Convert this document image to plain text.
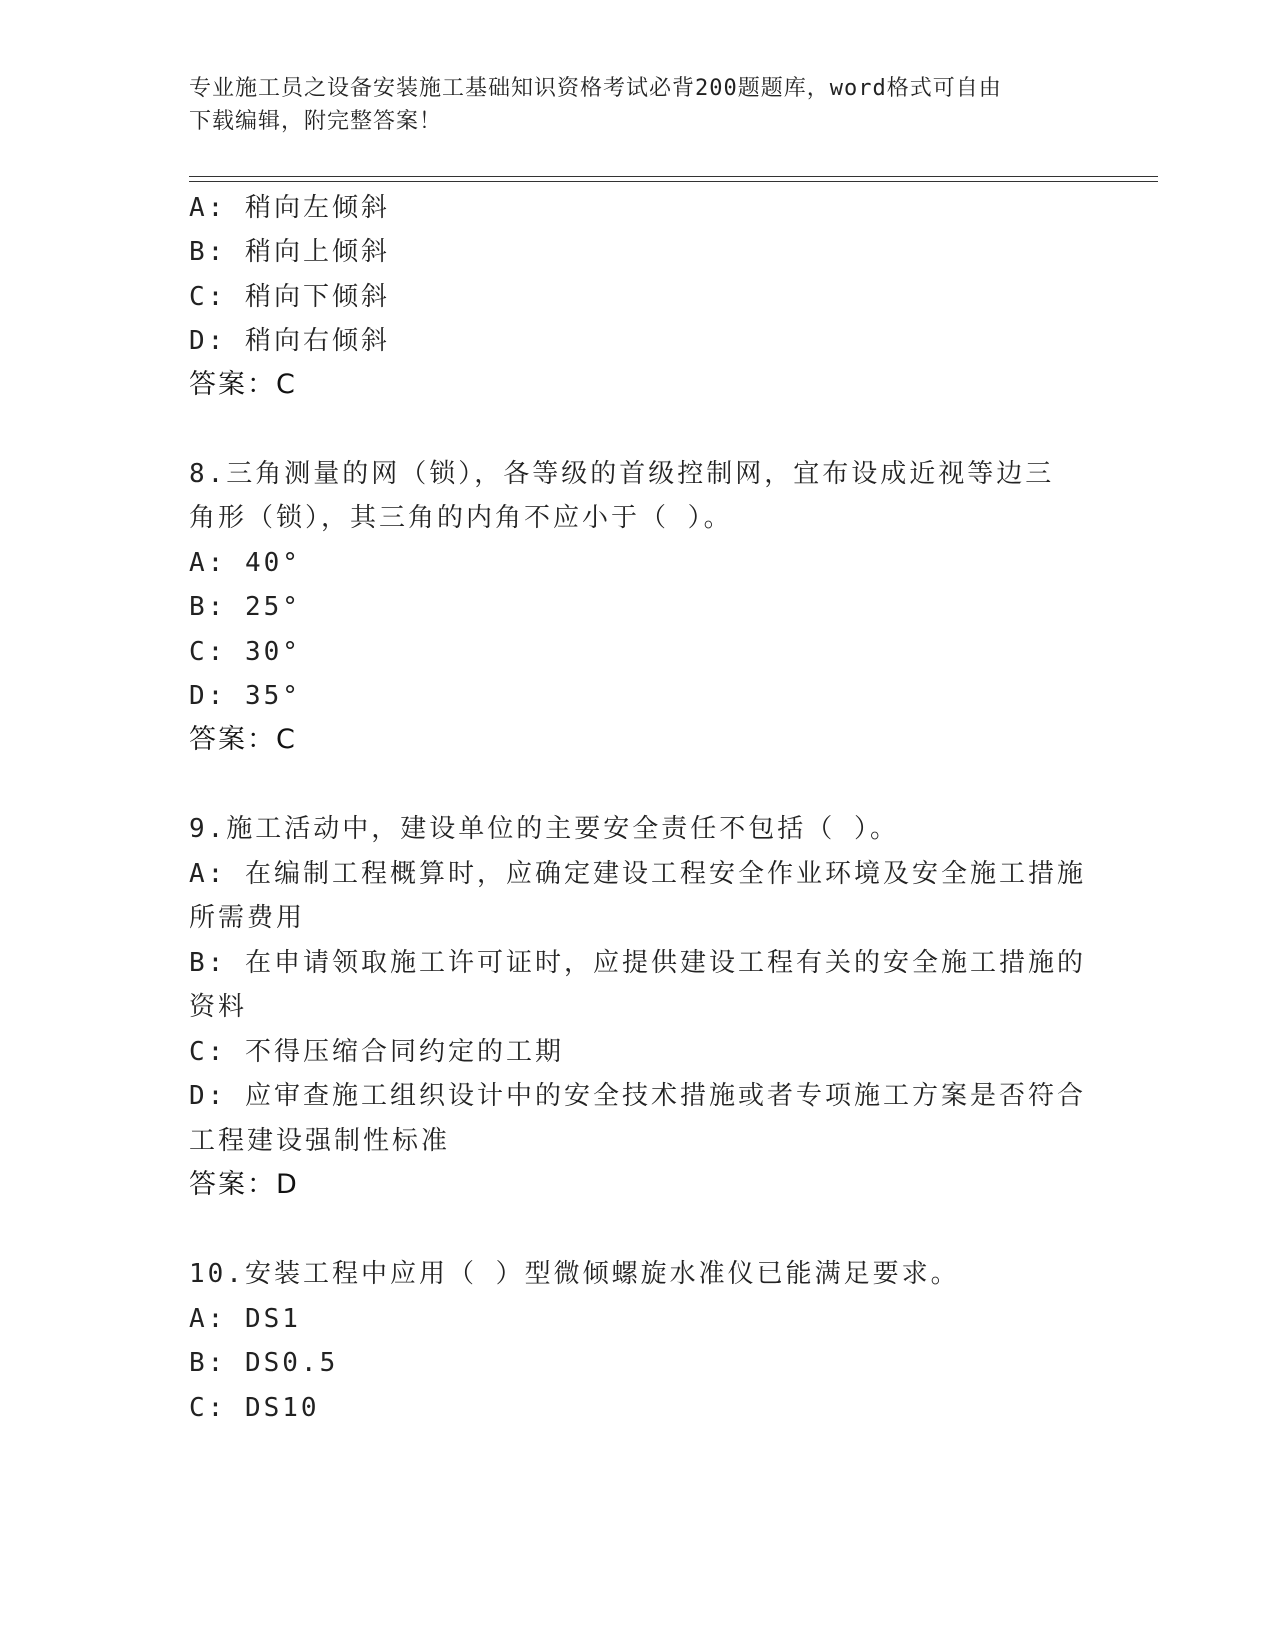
专业施工员之设备安装施工基础知识资格考试必背200题题库，word格式可自由
下载编辑，附完整答案！
A: 稍向左倾斜
B: 稍向上倾斜
C: 稍向下倾斜
D: 稍向右倾斜
答案：C
8.三角测量的网（锁），各等级的首级控制网，宜布设成近视等边三
角形（锁），其三角的内角不应小于（ ）。
A: 40°
B: 25°
C: 30°
D: 35°
答案：C
9.施工活动中，建设单位的主要安全责任不包括（ ）。
A: 在编制工程概算时，应确定建设工程安全作业环境及安全施工措施
所需费用
B: 在申请领取施工许可证时，应提供建设工程有关的安全施工措施的
资料
C: 不得压缩合同约定的工期
D: 应审查施工组织设计中的安全技术措施或者专项施工方案是否符合
工程建设强制性标准
答案：D
10.安装工程中应用（ ）型微倾螺旋水准仪已能满足要求。
A: DS1
B: DS0.5
C: DS10
